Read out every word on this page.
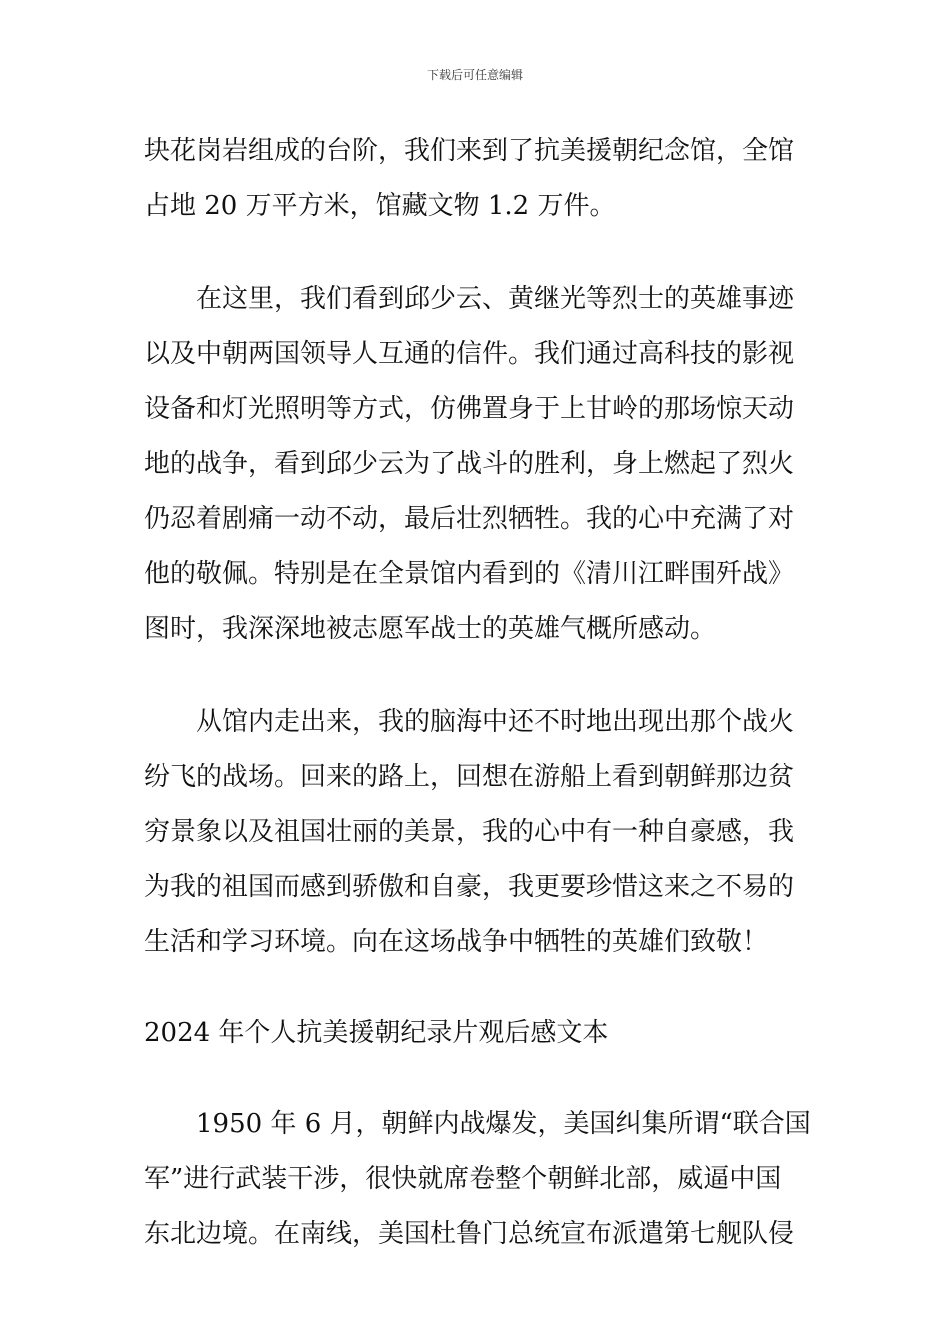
下载后可任意编辑
块花岗岩组成的台阶，我们来到了抗美援朝纪念馆，全馆
占地 20 万平方米，馆藏文物 1.2 万件。
　　在这里，我们看到邱少云、黄继光等烈士的英雄事迹
以及中朝两国领导人互通的信件。我们通过高科技的影视
设备和灯光照明等方式，仿佛置身于上甘岭的那场惊天动
地的战争，看到邱少云为了战斗的胜利，身上燃起了烈火
仍忍着剧痛一动不动，最后壮烈牺牲。我的心中充满了对
他的敬佩。特别是在全景馆内看到的《清川江畔围歼战》
图时，我深深地被志愿军战士的英雄气概所感动。
　　从馆内走出来，我的脑海中还不时地出现出那个战火
纷飞的战场。回来的路上，回想在游船上看到朝鲜那边贫
穷景象以及祖国壮丽的美景，我的心中有一种自豪感，我
为我的祖国而感到骄傲和自豪，我更要珍惜这来之不易的
生活和学习环境。向在这场战争中牺牲的英雄们致敬！
2024 年个人抗美援朝纪录片观后感文本
　　1950 年 6 月，朝鲜内战爆发，美国纠集所谓“联合国
军”进行武装干涉，很快就席卷整个朝鲜北部，威逼中国
东北边境。在南线，美国杜鲁门总统宣布派遣第七舰队侵
